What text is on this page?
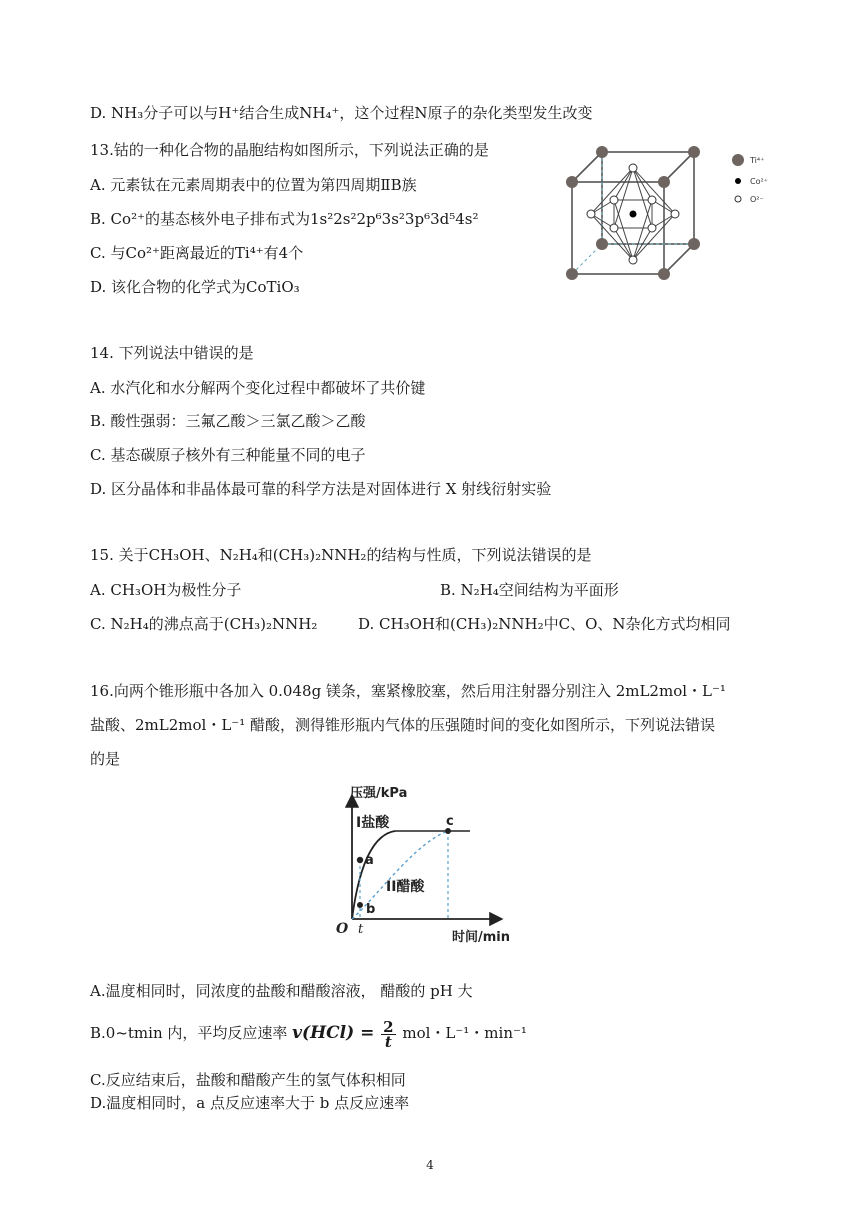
D. NH₃分子可以与H⁺结合生成NH₄⁺，这个过程N原子的杂化类型发生改变
13.钴的一种化合物的晶胞结构如图所示，下列说法正确的是
A. 元素钛在元素周期表中的位置为第四周期ⅡB族
B. Co²⁺的基态核外电子排布式为1s²2s²2p⁶3s²3p⁶3d⁵4s²
C. 与Co²⁺距离最近的Ti⁴⁺有4个
D. 该化合物的化学式为CoTiO₃
Ti⁴⁺
Co²⁺
O²⁻
14. 下列说法中错误的是
A. 水汽化和水分解两个变化过程中都破坏了共价键
B. 酸性强弱：三氟乙酸＞三氯乙酸＞乙酸
C. 基态碳原子核外有三种能量不同的电子
D. 区分晶体和非晶体最可靠的科学方法是对固体进行 X 射线衍射实验
15. 关于CH₃OH、N₂H₄和(CH₃)₂NNH₂的结构与性质，下列说法错误的是
A. CH₃OH为极性分子	B. N₂H₄空间结构为平面形
C. N₂H₄的沸点高于(CH₃)₂NNH₂	D. CH₃OH和(CH₃)₂NNH₂中C、O、N杂化方式均相同
16.向两个锥形瓶中各加入 0.048g 镁条，塞紧橡胶塞，然后用注射器分别注入 2mL2mol・L⁻¹
盐酸、2mL2mol・L⁻¹ 醋酸，测得锥形瓶内气体的压强随时间的变化如图所示，下列说法错误
的是
压强/kPa
时间/min
O t
a
b
c
I盐酸
II醋酸
A.温度相同时，同浓度的盐酸和醋酸溶液， 醋酸的 pH 大
B.0~tmin 内，平均反应速率 $v(HCl) = \frac{2}{t}$ mol・L⁻¹・min⁻¹
C.反应结束后，盐酸和醋酸产生的氢气体积相同
D.温度相同时，a 点反应速率大于 b 点反应速率
4
